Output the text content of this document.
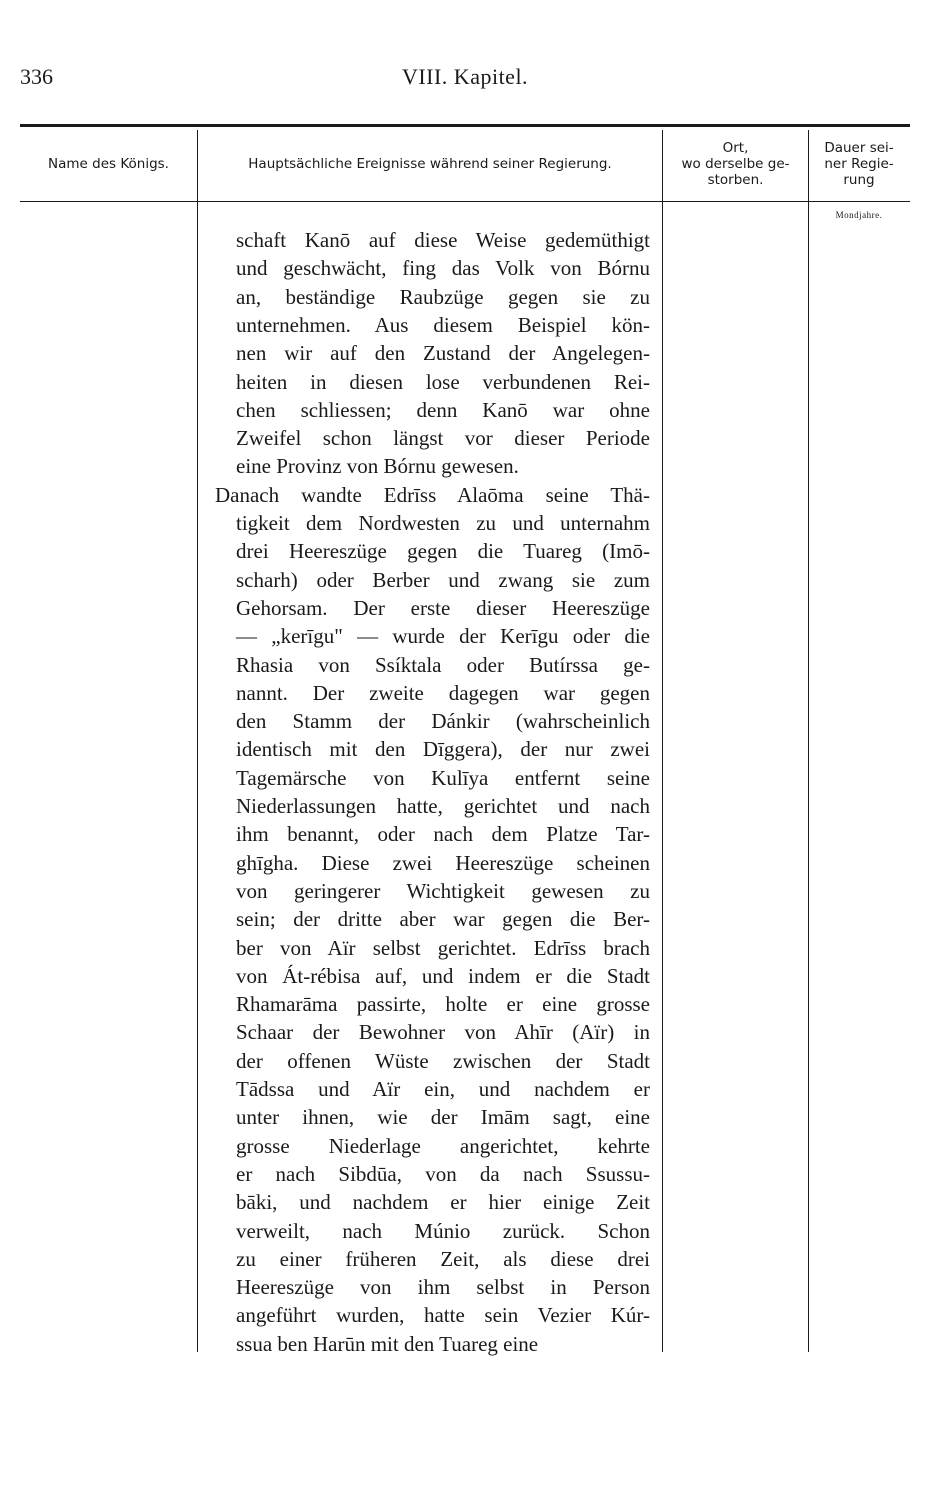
336	VIII. Kapitel.
Name des Königs.	Hauptsächliche Ereignisse während seiner Regierung.
Ort,
wo derselbe ge-
storben.
Dauer sei-
ner Regie-
rung
Mondjahre.
schaft Kanō auf diese Weise gedemüthigt
und geschwächt, fing das Volk von Bórnu
an, beständige Raubzüge gegen sie zu
unternehmen. Aus diesem Beispiel kön-
nen wir auf den Zustand der Angelegen-
heiten in diesen lose verbundenen Rei-
chen schliessen; denn Kanō war ohne
Zweifel schon längst vor dieser Periode
eine Provinz von Bórnu gewesen.
Danach wandte Edrīss Alaōma seine Thä-
tigkeit dem Nordwesten zu und unternahm
drei Heereszüge gegen die Tuareg (Imō-
scharh) oder Berber und zwang sie zum
Gehorsam. Der erste dieser Heereszüge
— „kerīgu" — wurde der Kerīgu oder die
Rhasia von Ssíktala oder Butírssa ge-
nannt. Der zweite dagegen war gegen
den Stamm der Dánkir (wahrscheinlich
identisch mit den Dīggera), der nur zwei
Tagemärsche von Kulīya entfernt seine
Niederlassungen hatte, gerichtet und nach
ihm benannt, oder nach dem Platze Tar-
ghīgha. Diese zwei Heereszüge scheinen
von geringerer Wichtigkeit gewesen zu
sein; der dritte aber war gegen die Ber-
ber von Aïr selbst gerichtet. Edrīss brach
von Át-rébisa auf, und indem er die Stadt
Rhamarāma passirte, holte er eine grosse
Schaar der Bewohner von Ahīr (Aïr) in
der offenen Wüste zwischen der Stadt
Tādssa und Aïr ein, und nachdem er
unter ihnen, wie der Imām sagt, eine
grosse Niederlage angerichtet, kehrte
er nach Sibdūa, von da nach Ssussu-
bāki, und nachdem er hier einige Zeit
verweilt, nach Múnio zurück. Schon
zu einer früheren Zeit, als diese drei
Heereszüge von ihm selbst in Person
angeführt wurden, hatte sein Vezier Kúr-
ssua ben Harūn mit den Tuareg eine
